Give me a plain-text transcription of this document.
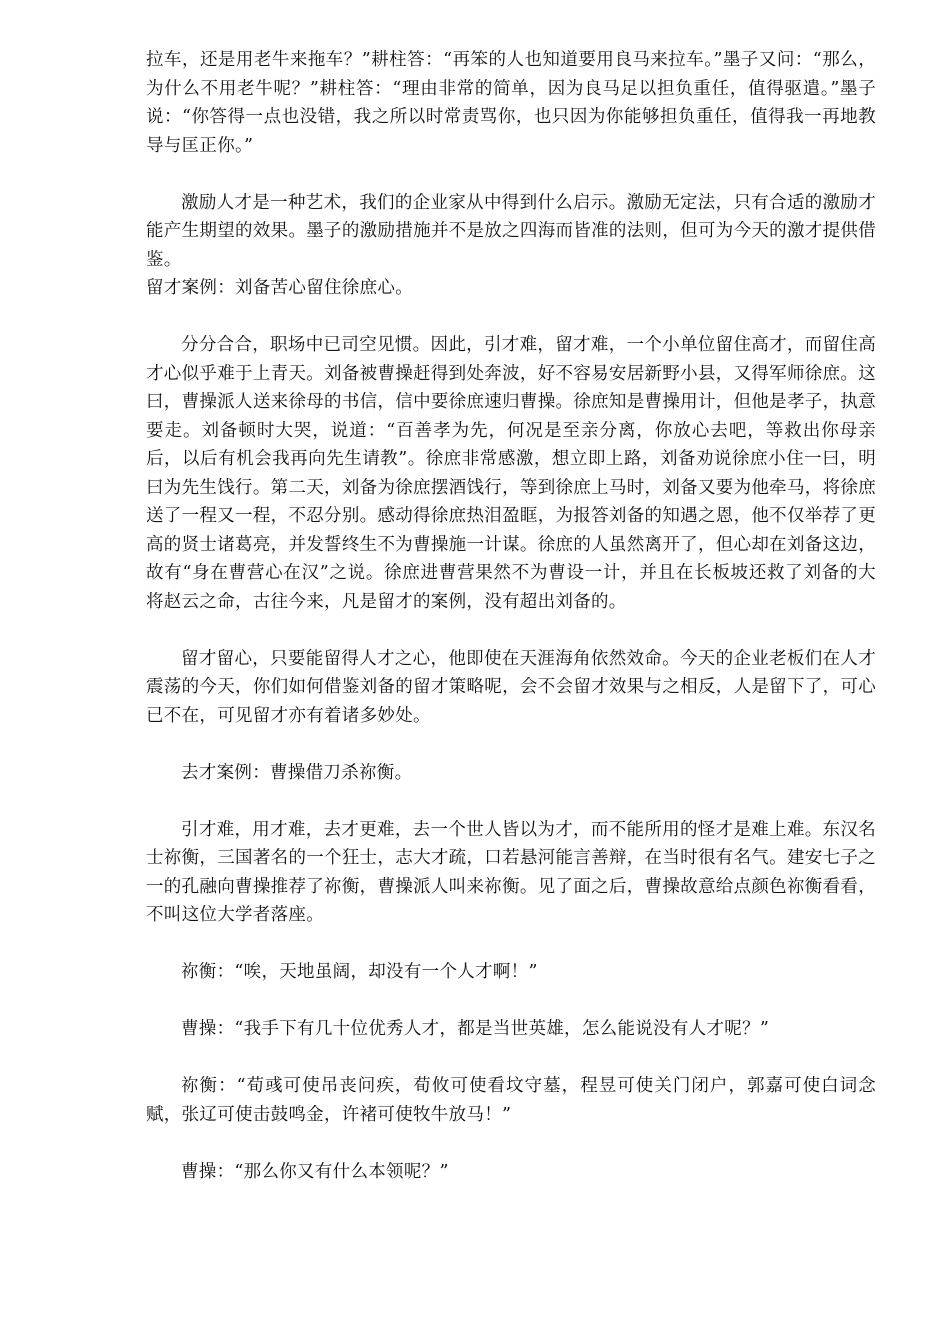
拉车，还是用老牛来拖车？”耕柱答：“再笨的人也知道要用良马来拉车。”墨子又问：“那么，为什么不用老牛呢？”耕柱答：“理由非常的简单，因为良马足以担负重任，值得驱遣。”墨子说：“你答得一点也没错，我之所以时常责骂你，也只因为你能够担负重任，值得我一再地教导与匡正你。”

激励人才是一种艺术，我们的企业家从中得到什么启示。激励无定法，只有合适的激励才能产生期望的效果。墨子的激励措施并不是放之四海而皆准的法则，但可为今天的激才提供借鉴。

留才案例：刘备苦心留住徐庶心。

分分合合，职场中已司空见惯。因此，引才难，留才难，一个小单位留住高才，而留住高才心似乎难于上青天。刘备被曹操赶得到处奔波，好不容易安居新野小县，又得军师徐庶。这曰，曹操派人送来徐母的书信，信中要徐庶速归曹操。徐庶知是曹操用计，但他是孝子，执意要走。刘备顿时大哭，说道：“百善孝为先，何况是至亲分离，你放心去吧，等救出你母亲后，以后有机会我再向先生请教”。徐庶非常感激，想立即上路，刘备劝说徐庶小住一曰，明曰为先生饯行。第二天，刘备为徐庶摆酒饯行，等到徐庶上马时，刘备又要为他牵马，将徐庶送了一程又一程，不忍分别。感动得徐庶热泪盈眶，为报答刘备的知遇之恩，他不仅举荐了更高的贤士诸葛亮，并发誓终生不为曹操施一计谋。徐庶的人虽然离开了，但心却在刘备这边，故有“身在曹营心在汉”之说。徐庶进曹营果然不为曹设一计，并且在长板坡还救了刘备的大将赵云之命，古往今来，凡是留才的案例，没有超出刘备的。

留才留心，只要能留得人才之心，他即使在天涯海角依然效命。今天的企业老板们在人才震荡的今天，你们如何借鉴刘备的留才策略呢，会不会留才效果与之相反，人是留下了，可心已不在，可见留才亦有着诸多妙处。

去才案例：曹操借刀杀祢衡。

引才难，用才难，去才更难，去一个世人皆以为才，而不能所用的怪才是难上难。东汉名士祢衡，三国著名的一个狂士，志大才疏，口若悬河能言善辩，在当时很有名气。建安七子之一的孔融向曹操推荐了祢衡，曹操派人叫来祢衡。见了面之后，曹操故意给点颜色祢衡看看，不叫这位大学者落座。

祢衡：“唉，天地虽阔，却没有一个人才啊！”

曹操：“我手下有几十位优秀人才，都是当世英雄，怎么能说没有人才呢？”

祢衡：“荀彧可使吊丧问疾，荀攸可使看坟守墓，程昱可使关门闭户，郭嘉可使白词念赋，张辽可使击鼓鸣金，许褚可使牧牛放马！”

曹操：“那么你又有什么本领呢？”
